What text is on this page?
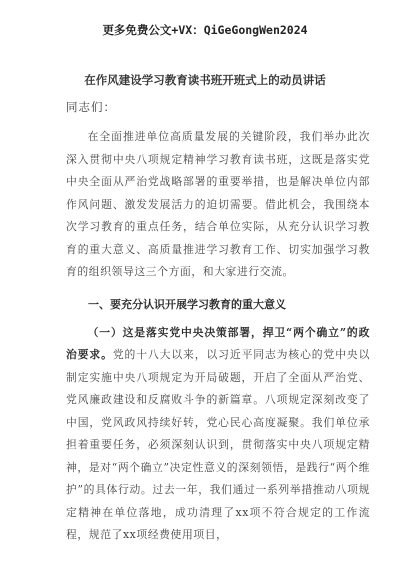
更多免费公文+VX：QiGeGongWen2024
在作风建设学习教育读书班开班式上的动员讲话

同志们：

在全面推进单位高质量发展的关键阶段，我们举办此次深入贯彻中央八项规定精神学习教育读书班，这既是落实党中央全面从严治党战略部署的重要举措，也是解决单位内部作风问题、激发发展活力的迫切需要。借此机会，我围绕本次学习教育的重点任务，结合单位实际，从充分认识学习教育的重大意义、高质量推进学习教育工作、切实加强学习教育的组织领导这三个方面，和大家进行交流。

一、要充分认识开展学习教育的重大意义

（一）这是落实党中央决策部署，捍卫“两个确立”的政治要求。党的十八大以来，以习近平同志为核心的党中央以制定实施中央八项规定为开局破题，开启了全面从严治党、党风廉政建设和反腐败斗争的新篇章。八项规定深刻改变了中国，党风政风持续好转，党心民心高度凝聚。我们单位承担着重要任务，必须深刻认识到，贯彻落实中央八项规定精神，是对“两个确立”决定性意义的深刻领悟，是践行“两个维护”的具体行动。过去一年，我们通过一系列举措推动八项规定精神在单位落地，成功清理了xx项不符合规定的工作流程，规范了xx项经费使用项目，
